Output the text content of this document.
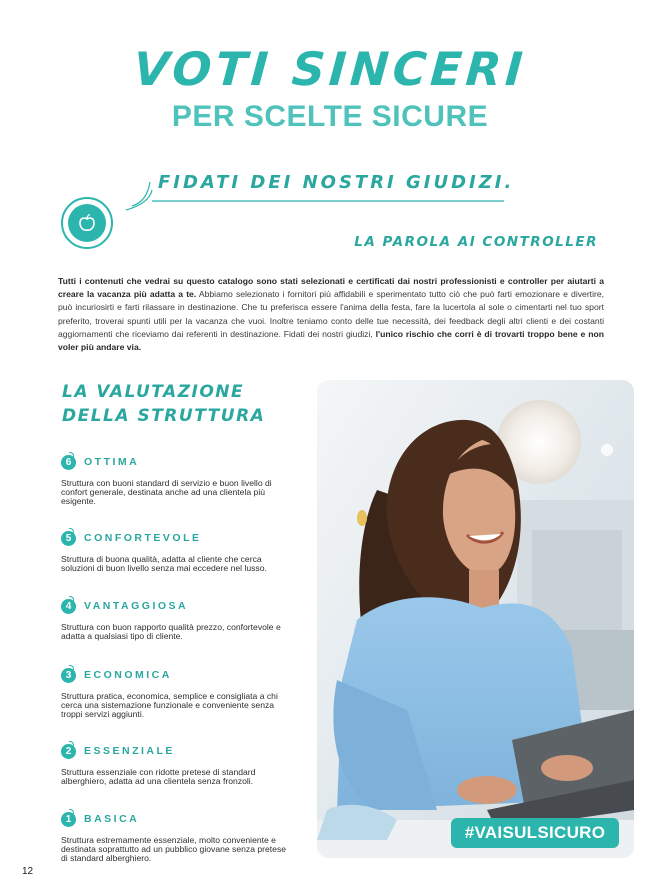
VOTI SINCERI
PER SCELTE SICURE
FIDATI DEI NOSTRI GIUDIZI.
LA PAROLA AI CONTROLLER

Tutti i contenuti che vedrai su questo catalogo sono stati selezionati e certificati dai nostri professionisti e controller per aiutarti a creare la vacanza più adatta a te. Abbiamo selezionato i fornitori più affidabili e sperimentato tutto ciò che può farti emozionare e divertire, può incuriosirti e farti rilassare in destinazione. Che tu preferisca essere l'anima della festa, fare la lucertola al sole o cimentarti nel tuo sport preferito, troverai spunti utili per la vacanza che vuoi. Inoltre teniamo conto delle tue necessità, dei feedback degli altri clienti e dei costanti aggiornamenti che riceviamo dai referenti in destinazione. Fidati dei nostri giudizi, l'unico rischio che corri è di trovarti troppo bene e non voler più andare via.

LA VALUTAZIONE
DELLA STRUTTURA
6	OTTIMA
Struttura con buoni standard di servizio e buon livello di confort generale, destinata anche ad una clientela più esigente.
5	CONFORTEVOLE
Struttura di buona qualità, adatta al cliente che cerca soluzioni di buon livello senza mai eccedere nel lusso.
4	VANTAGGIOSA
Struttura con buon rapporto qualità prezzo, confortevole e adatta a qualsiasi tipo di cliente.
3	ECONOMICA
Struttura pratica, economica, semplice e consigliata a chi cerca una sistemazione funzionale e conveniente senza troppi servizi aggiunti.
2	ESSENZIALE
Struttura essenziale con ridotte pretese di standard alberghiero, adatta ad una clientela senza fronzoli.
1	BASICA
Struttura estremamente essenziale, molto conveniente e destinata soprattutto ad un pubblico giovane senza pretese di standard alberghiero.
#VAISULSICURO
12
